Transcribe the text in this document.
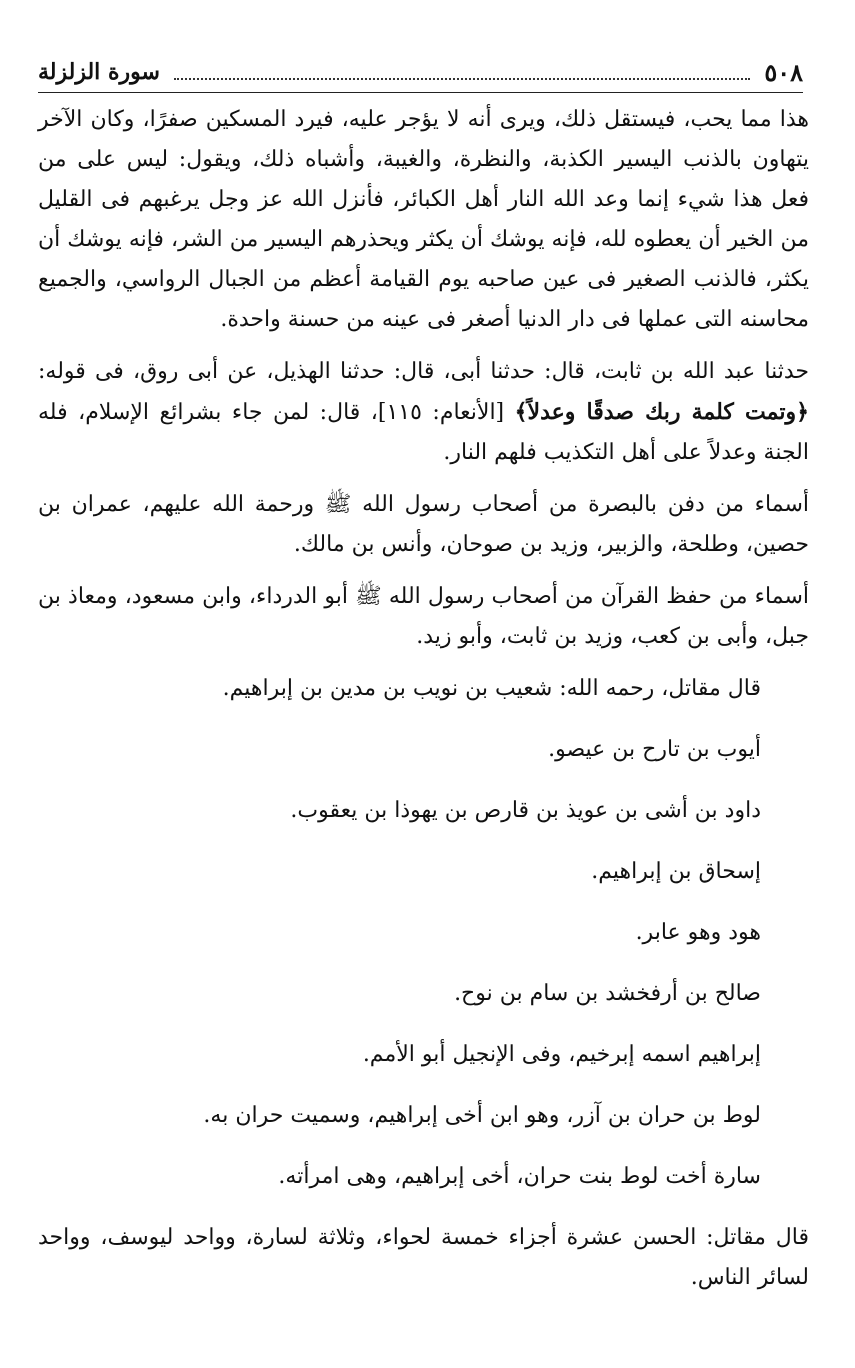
٥٠٨
سورة الزلزلة

هذا مما يحب، فيستقل ذلك، ويرى أنه لا يؤجر عليه، فيرد المسكين صفرًا، وكان الآخر يتهاون بالذنب اليسير الكذبة، والنظرة، والغيبة، وأشباه ذلك، ويقول: ليس على من فعل هذا شيء إنما وعد الله النار أهل الكبائر، فأنزل الله عز وجل يرغبهم فى القليل من الخير أن يعطوه لله، فإنه يوشك أن يكثر ويحذرهم اليسير من الشر، فإنه يوشك أن يكثر، فالذنب الصغير فى عين صاحبه يوم القيامة أعظم من الجبال الرواسي، والجميع محاسنه التى عملها فى دار الدنيا أصغر فى عينه من حسنة واحدة.

حدثنا عبد الله بن ثابت، قال: حدثنا أبى، قال: حدثنا الهذيل، عن أبى روق، فى قوله: ﴿وتمت كلمة ربك صدقًا وعدلاً﴾ [الأنعام: ١١٥]، قال: لمن جاء بشرائع الإسلام، فله الجنة وعدلاً على أهل التكذيب فلهم النار.

أسماء من دفن بالبصرة من أصحاب رسول الله ﷺ ورحمة الله عليهم، عمران بن حصين، وطلحة، والزبير، وزيد بن صوحان، وأنس بن مالك.

أسماء من حفظ القرآن من أصحاب رسول الله ﷺ أبو الدرداء، وابن مسعود، ومعاذ بن جبل، وأبى بن كعب، وزيد بن ثابت، وأبو زيد.

قال مقاتل، رحمه الله: شعيب بن نويب بن مدين بن إبراهيم.

أيوب بن تارح بن عيصو.

داود بن أشى بن عويذ بن قارص بن يهوذا بن يعقوب.

إسحاق بن إبراهيم.

هود وهو عابر.

صالح بن أرفخشد بن سام بن نوح.

إبراهيم اسمه إبرخيم، وفى الإنجيل أبو الأمم.

لوط بن حران بن آزر، وهو ابن أخى إبراهيم، وسميت حران به.

سارة أخت لوط بنت حران، أخى إبراهيم، وهى امرأته.

قال مقاتل: الحسن عشرة أجزاء خمسة لحواء، وثلاثة لسارة، وواحد ليوسف، وواحد لسائر الناس.
